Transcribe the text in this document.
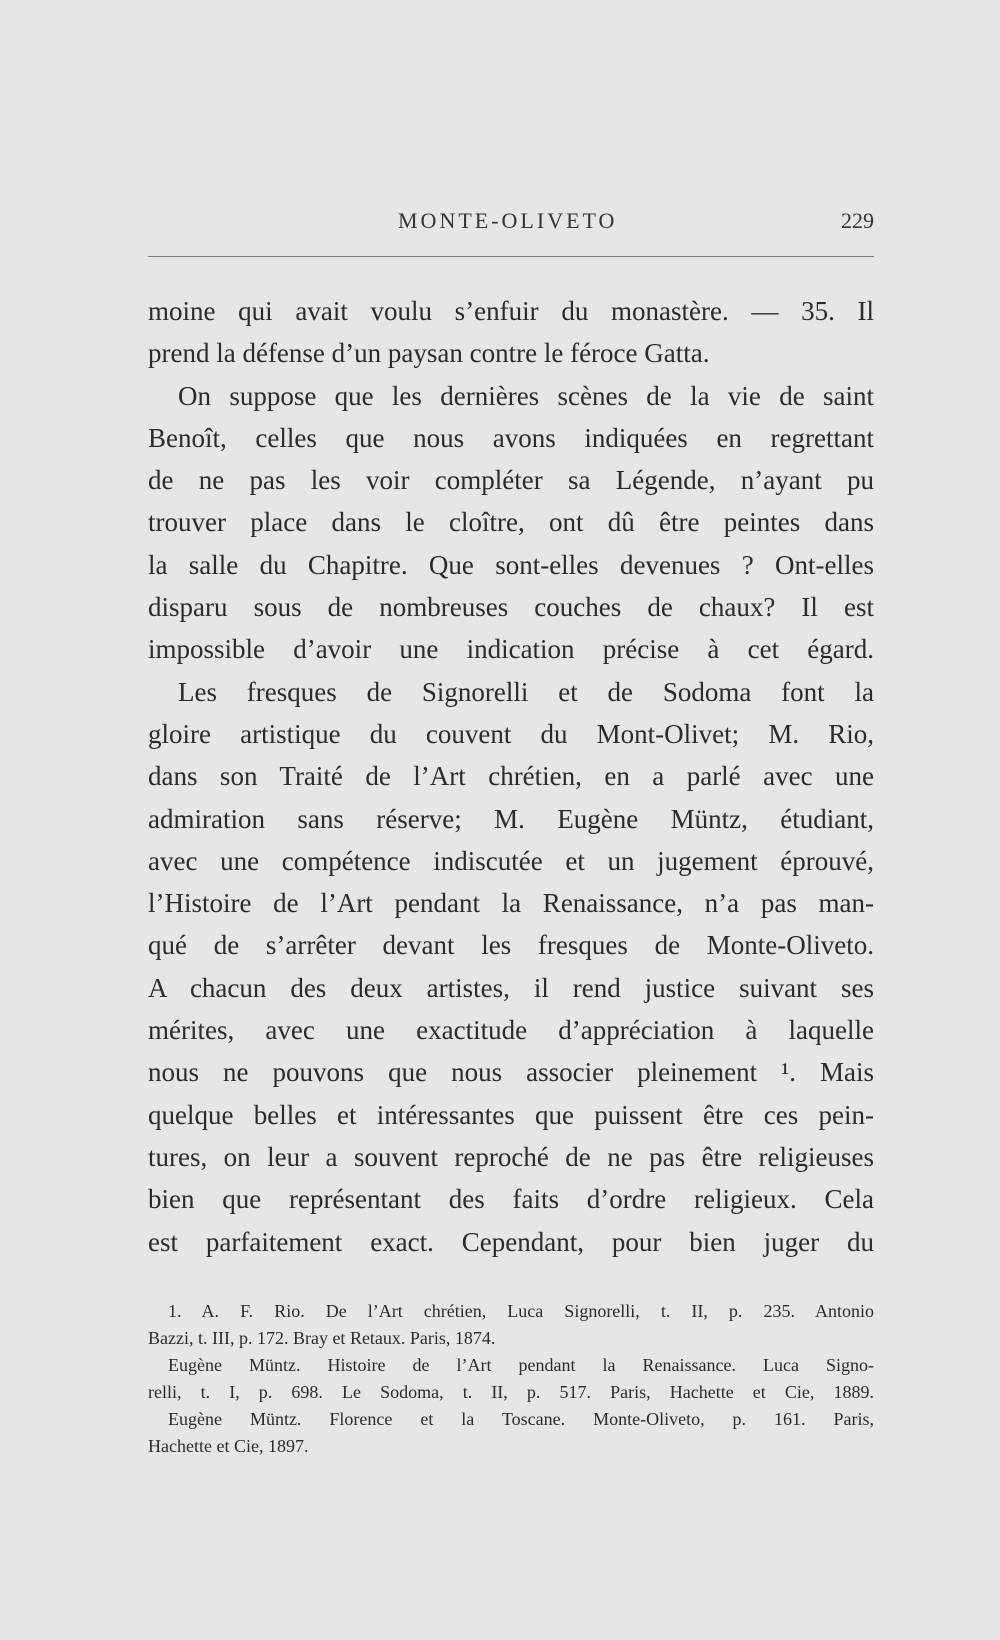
MONTE-OLIVETO	229
moine qui avait voulu s’enfuir du monastère. — 35. Il
prend la défense d’un paysan contre le féroce Gatta.
On suppose que les dernières scènes de la vie de saint
Benoît, celles que nous avons indiquées en regrettant
de ne pas les voir compléter sa Légende, n’ayant pu
trouver place dans le cloître, ont dû être peintes dans
la salle du Chapitre. Que sont-elles devenues ? Ont-elles
disparu sous de nombreuses couches de chaux? Il est
impossible d’avoir une indication précise à cet égard.
Les fresques de Signorelli et de Sodoma font la
gloire artistique du couvent du Mont-Olivet; M. Rio,
dans son Traité de l’Art chrétien, en a parlé avec une
admiration sans réserve; M. Eugène Müntz, étudiant,
avec une compétence indiscutée et un jugement éprouvé,
l’Histoire de l’Art pendant la Renaissance, n’a pas man-
qué de s’arrêter devant les fresques de Monte-Oliveto.
A chacun des deux artistes, il rend justice suivant ses
mérites, avec une exactitude d’appréciation à laquelle
nous ne pouvons que nous associer pleinement ¹. Mais
quelque belles et intéressantes que puissent être ces pein-
tures, on leur a souvent reproché de ne pas être religieuses
bien que représentant des faits d’ordre religieux. Cela
est parfaitement exact. Cependant, pour bien juger du
1. A. F. Rio. De l’Art chrétien, Luca Signorelli, t. II, p. 235. Antonio
Bazzi, t. III, p. 172. Bray et Retaux. Paris, 1874.
Eugène Müntz. Histoire de l’Art pendant la Renaissance. Luca Signo-
relli, t. I, p. 698. Le Sodoma, t. II, p. 517. Paris, Hachette et Cie, 1889.
Eugène Müntz. Florence et la Toscane. Monte-Oliveto, p. 161. Paris,
Hachette et Cie, 1897.
